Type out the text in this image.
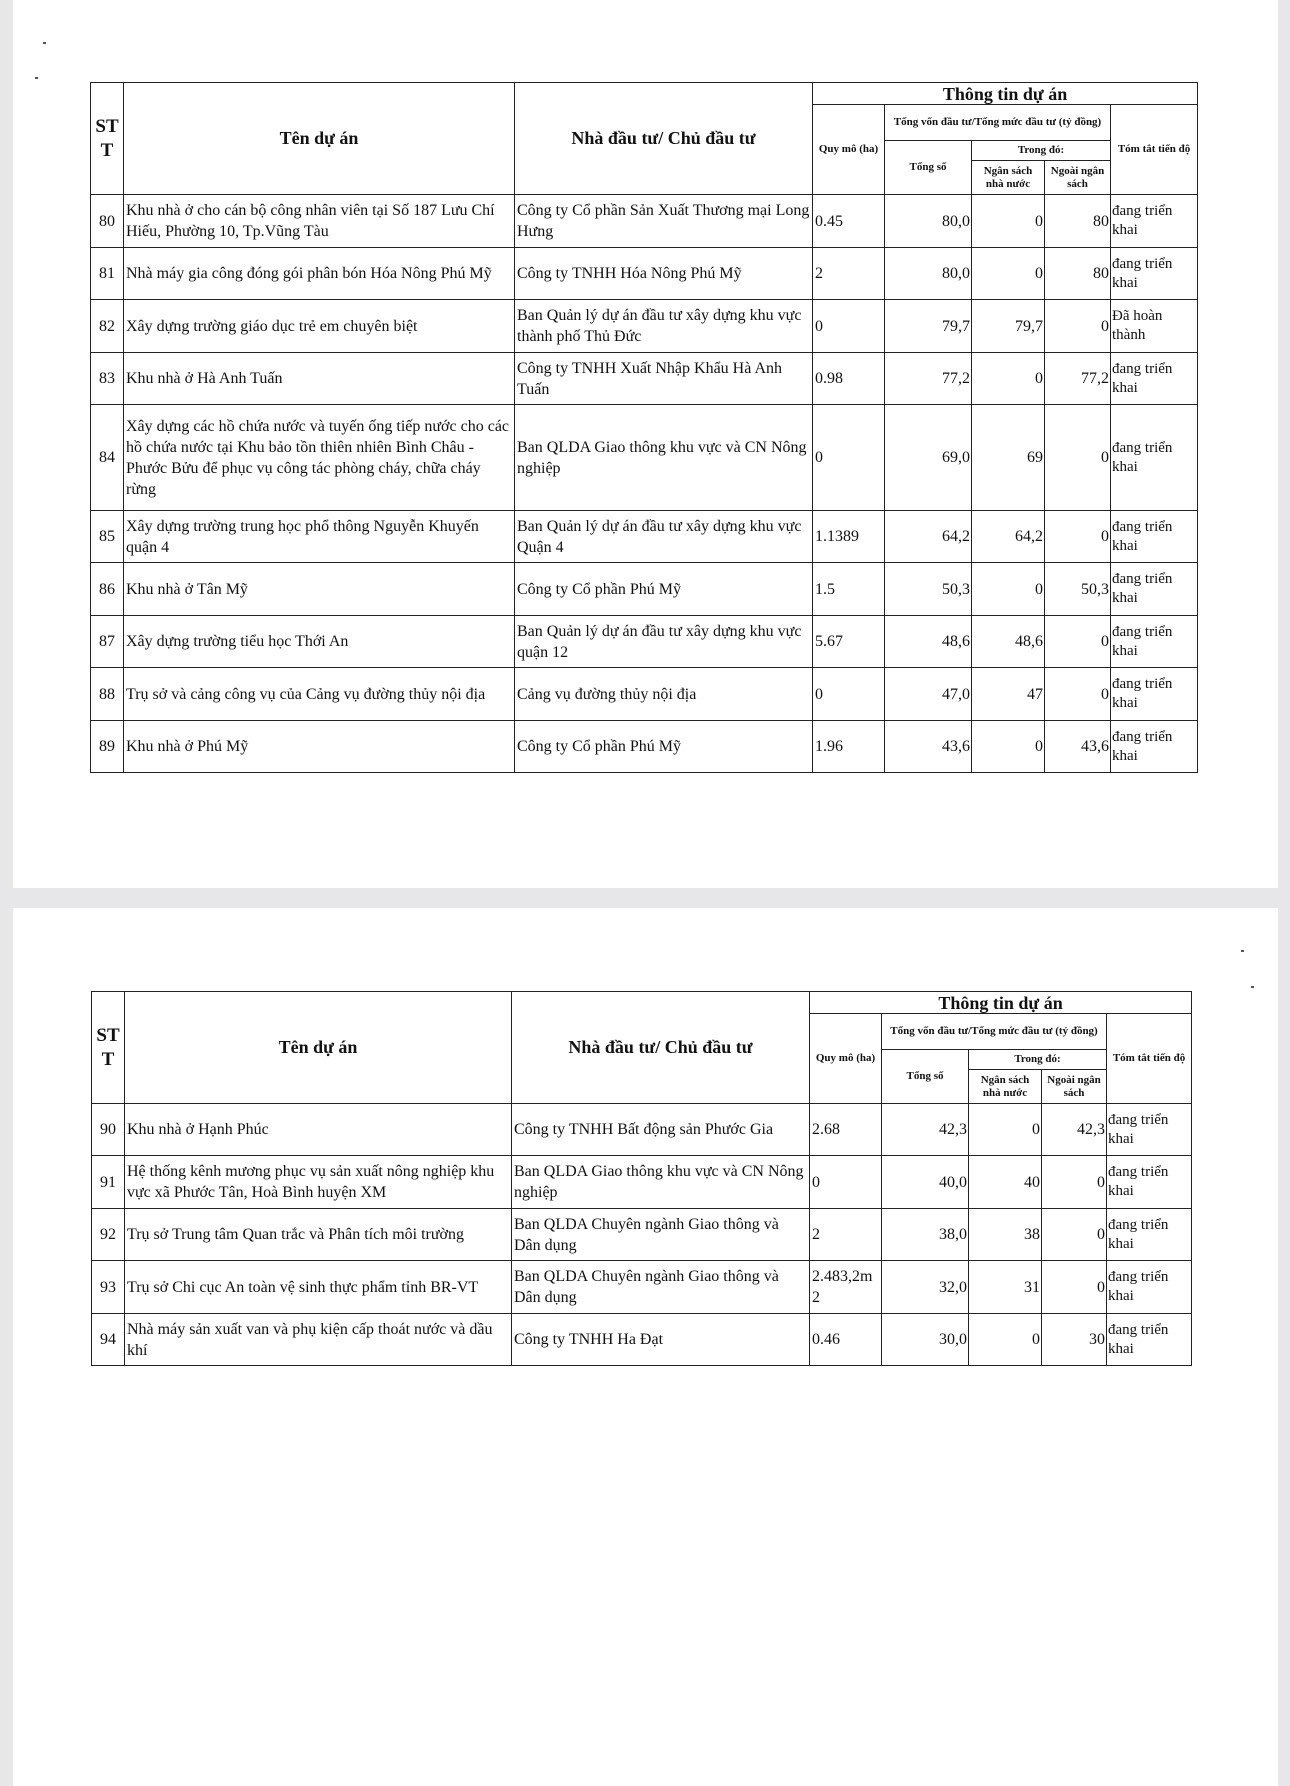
STT	Tên dự án	Nhà đầu tư/ Chủ đầu tư	Thông tin dự án				
			Quy mô (ha)	Tổng vốn đầu tư/Tổng mức đầu tư (tỷ đồng)			Tóm tắt tiến độ
				Tổng số	Trong đó:		
					Ngân sách nhà nước	Ngoài ngân sách	
80	Khu nhà ở cho cán bộ công nhân viên tại Số 187 Lưu Chí Hiếu, Phường 10, Tp.Vũng Tàu	Công ty Cổ phần Sản Xuất Thương mại Long Hưng	0.45	80,0	0	80	đang triển khai
81	Nhà máy gia công đóng gói phân bón Hóa Nông Phú Mỹ	Công ty TNHH Hóa Nông Phú Mỹ	2	80,0	0	80	đang triển khai
82	Xây dựng trường giáo dục trẻ em chuyên biệt	Ban Quản lý dự án đầu tư xây dựng khu vực thành phố Thủ Đức	0	79,7	79,7	0	Đã hoàn thành
83	Khu nhà ở Hà Anh Tuấn	Công ty TNHH Xuất Nhập Khẩu Hà Anh Tuấn	0.98	77,2	0	77,2	đang triển khai
84	Xây dựng các hồ chứa nước và tuyến ống tiếp nước cho các hồ chứa nước tại Khu bảo tồn thiên nhiên Bình Châu - Phước Bửu để phục vụ công tác phòng cháy, chữa cháy rừng	Ban QLDA Giao thông khu vực và CN Nông nghiệp	0	69,0	69	0	đang triển khai
85	Xây dựng trường trung học phổ thông Nguyễn Khuyến quận 4	Ban Quản lý dự án đầu tư xây dựng khu vực Quận 4	1.1389	64,2	64,2	0	đang triển khai
86	Khu nhà ở Tân Mỹ	Công ty Cổ phần Phú Mỹ	1.5	50,3	0	50,3	đang triển khai
87	Xây dựng trường tiểu học Thới An	Ban Quản lý dự án đầu tư xây dựng khu vực quận 12	5.67	48,6	48,6	0	đang triển khai
88	Trụ sở và cảng công vụ của Cảng vụ đường thủy nội địa	Cảng vụ đường thủy nội địa	0	47,0	47	0	đang triển khai
89	Khu nhà ở Phú Mỹ	Công ty Cổ phần Phú Mỹ	1.96	43,6	0	43,6	đang triển khai
STT	Tên dự án	Nhà đầu tư/ Chủ đầu tư	Thông tin dự án				
			Quy mô (ha)	Tổng vốn đầu tư/Tổng mức đầu tư (tỷ đồng)			Tóm tắt tiến độ
				Tổng số	Trong đó:		
					Ngân sách nhà nước	Ngoài ngân sách	
90	Khu nhà ở Hạnh Phúc	Công ty TNHH Bất động sản Phước Gia	2.68	42,3	0	42,3	đang triển khai
91	Hệ thống kênh mương phục vụ sản xuất nông nghiệp khu vực xã Phước Tân, Hoà Bình huyện XM	Ban QLDA Giao thông khu vực và CN Nông nghiệp	0	40,0	40	0	đang triển khai
92	Trụ sở Trung tâm Quan trắc và Phân tích môi trường	Ban QLDA Chuyên ngành Giao thông và Dân dụng	2	38,0	38	0	đang triển khai
93	Trụ sở Chi cục An toàn vệ sinh thực phẩm tỉnh BR-VT	Ban QLDA Chuyên ngành Giao thông và Dân dụng	2.483,2m2	32,0	31	0	đang triển khai
94	Nhà máy sản xuất van và phụ kiện cấp thoát nước và dầu khí	Công ty TNHH Ha Đạt	0.46	30,0	0	30	đang triển khai
